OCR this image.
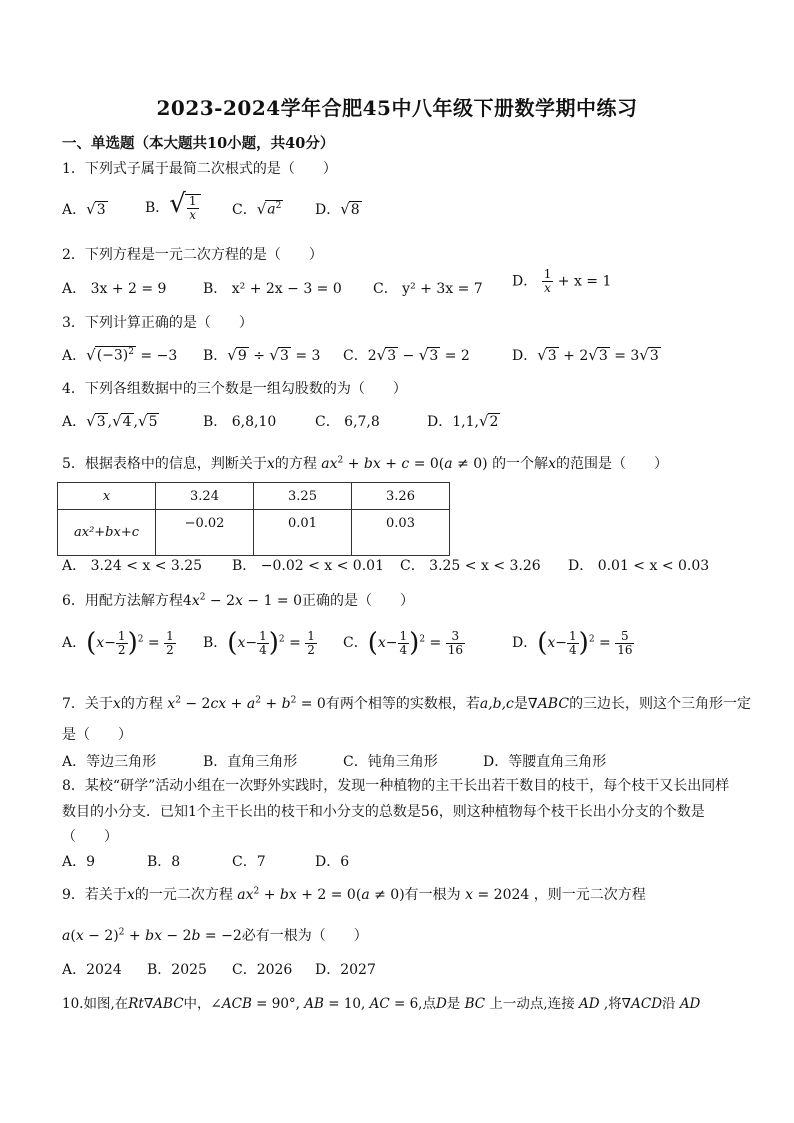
2023-2024学年合肥45中八年级下册数学期中练习
一、单选题（本大题共10小题，共40分）
1．下列式子属于最简二次根式的是（　　）
A．√3	B．√ $\frac{1}{x}$ C．$√a^2$ D．√8
2．下列方程是一元二次方程的是（　　）
A． 3x + 2 = 9	B． x² + 2x − 3 = 0 C． y² + 3x = 7 D． $\frac{1}{x} + x = 1$
3．下列计算正确的是（　　）
A．$√(-3)^2 = -3$ B．√9 ÷ √3 = 3 C．2√3 − √3 = 2	D．√3 + 2√3 = 3√3
4．下列各组数据中的三个数是一组勾股数的为（　　）
A．√3 ,√4 ,√5	B． 6,8,10	C． 6,7,8	D．1,1,√2
5．根据表格中的信息，判断关于x的方程 $ax^2$ + bx + c = 0(a ≠ 0) 的一个解x的范围是（　　）
x	3.24	3.25	3.26
ax²+bx+c	−0.02	0.01	0.03
A． 3.24 < x < 3.25 B． −0.02 < x < 0.01 C． 3.25 < x < 3.26 D． 0.01 < x < 0.03
6．用配方法解方程$4x^2 - 2x - 1 = 0$正确的是（　　）
A．$(x- \frac{1}{2} )^2 = \frac{1}{2}$ B．$(x- \frac{1}{4} )^2 = \frac{1}{2}$ C．$(x- \frac{1}{4} )^2 = \frac{3}{16}$	D．$(x- \frac{1}{4} )^2 = \frac{5}{16}$
7．关于x的方程 $x^2 - 2cx + a^2 + b^2 = 0$有两个相等的实数根，若a,b,c是∇ABC的三边长，则这个三角形一定
是（　　）
A．等边三角形	B．直角三角形	C．钝角三角形	D．等腰直角三角形
8．某校“研学”活动小组在一次野外实践时，发现一种植物的主干长出若干数目的枝干，每个枝干又长出同样
数目的小分支．已知1个主干长出的枝干和小分支的总数是56，则这种植物每个枝干长出小分支的个数是
（　　）
A．9	B．8	C．7	D．6
9．若关于x的一元二次方程 $ax^2$ + bx + 2 = 0(a ≠ 0)有一根为 x = 2024 ，则一元二次方程
$a(x - 2)^2$ + bx − 2b = −2必有一根为（　　）
A．2024 B．2025 C．2026 D．2027
10.如图,在Rt∇ABC中，∠ACB = 90°, AB = 10, AC = 6,点D是 BC 上一动点,连接 AD ,将∇ACD沿 AD
